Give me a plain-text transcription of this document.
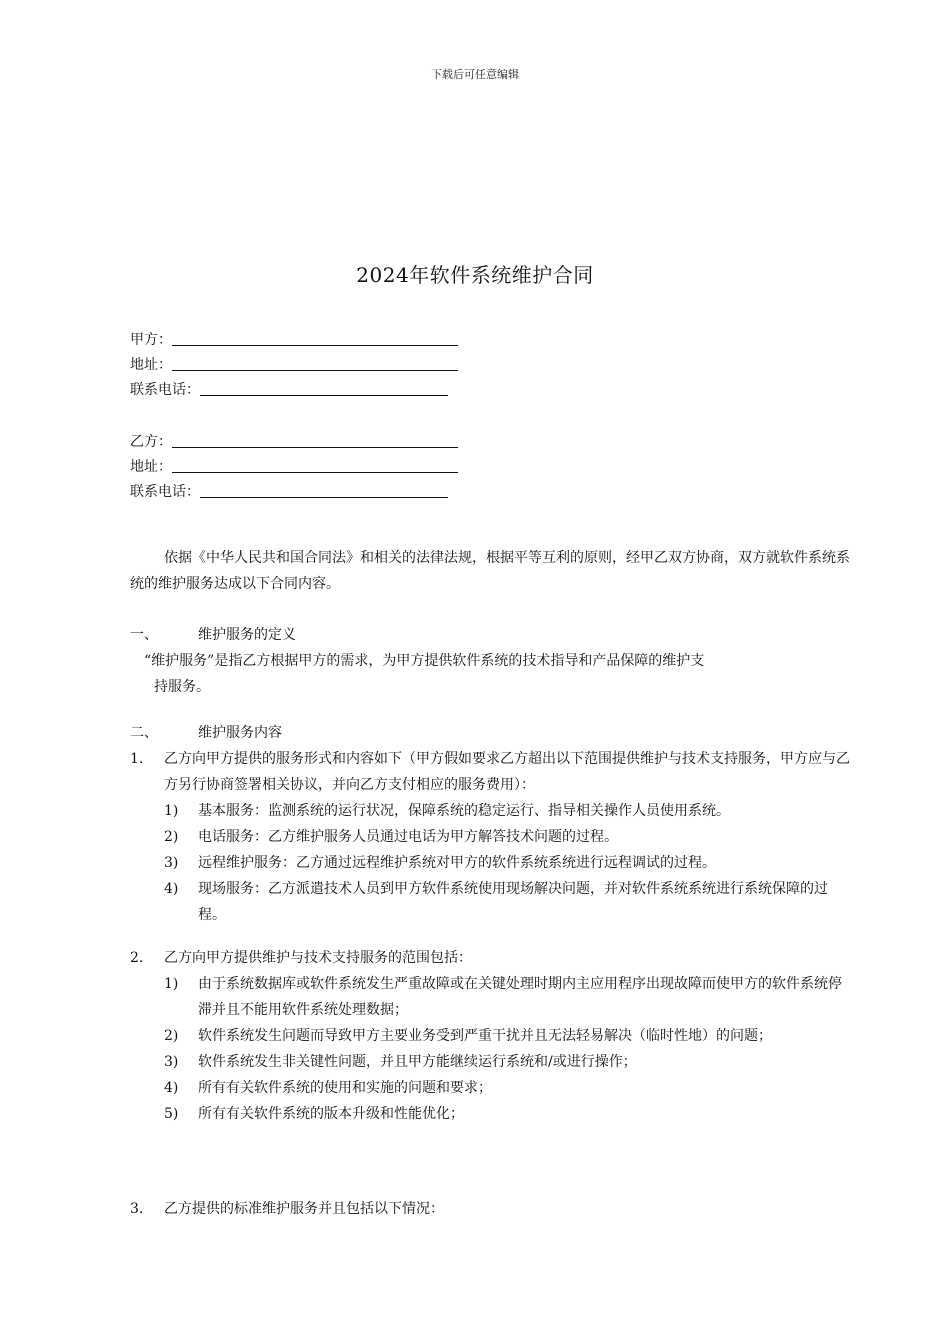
下载后可任意编辑
2024年软件系统维护合同
甲方：
地址：
联系电话：
乙方：
地址：
联系电话：

依据《中华人民共和国合同法》和相关的法律法规，根据平等互利的原则，经甲乙双方协商，双方就软件系统系统的维护服务达成以下合同内容。

一、	维护服务的定义
“维护服务”是指乙方根据甲方的需求，为甲方提供软件系统的技术指导和产品保障的维护支
持服务。
二、	维护服务内容
1.	乙方向甲方提供的服务形式和内容如下（甲方假如要求乙方超出以下范围提供维护与技术支持服务，甲方应与乙方另行协商签署相关协议，并向乙方支付相应的服务费用）：
1)	基本服务：监测系统的运行状况，保障系统的稳定运行、指导相关操作人员使用系统。
2)	电话服务：乙方维护服务人员通过电话为甲方解答技术问题的过程。
3)	远程维护服务：乙方通过远程维护系统对甲方的软件系统系统进行远程调试的过程。
4)	现场服务：乙方派遣技术人员到甲方软件系统使用现场解决问题，并对软件系统系统进行系统保障的过程。
2.	乙方向甲方提供维护与技术支持服务的范围包括：
1)	由于系统数据库或软件系统发生严重故障或在关键处理时期内主应用程序出现故障而使甲方的软件系统停滞并且不能用软件系统处理数据；
2)	软件系统发生问题而导致甲方主要业务受到严重干扰并且无法轻易解决（临时性地）的问题；
3)	软件系统发生非关键性问题，并且甲方能继续运行系统和/或进行操作；
4)	所有有关软件系统的使用和实施的问题和要求；
5)	所有有关软件系统的版本升级和性能优化；
3.	乙方提供的标准维护服务并且包括以下情况：
